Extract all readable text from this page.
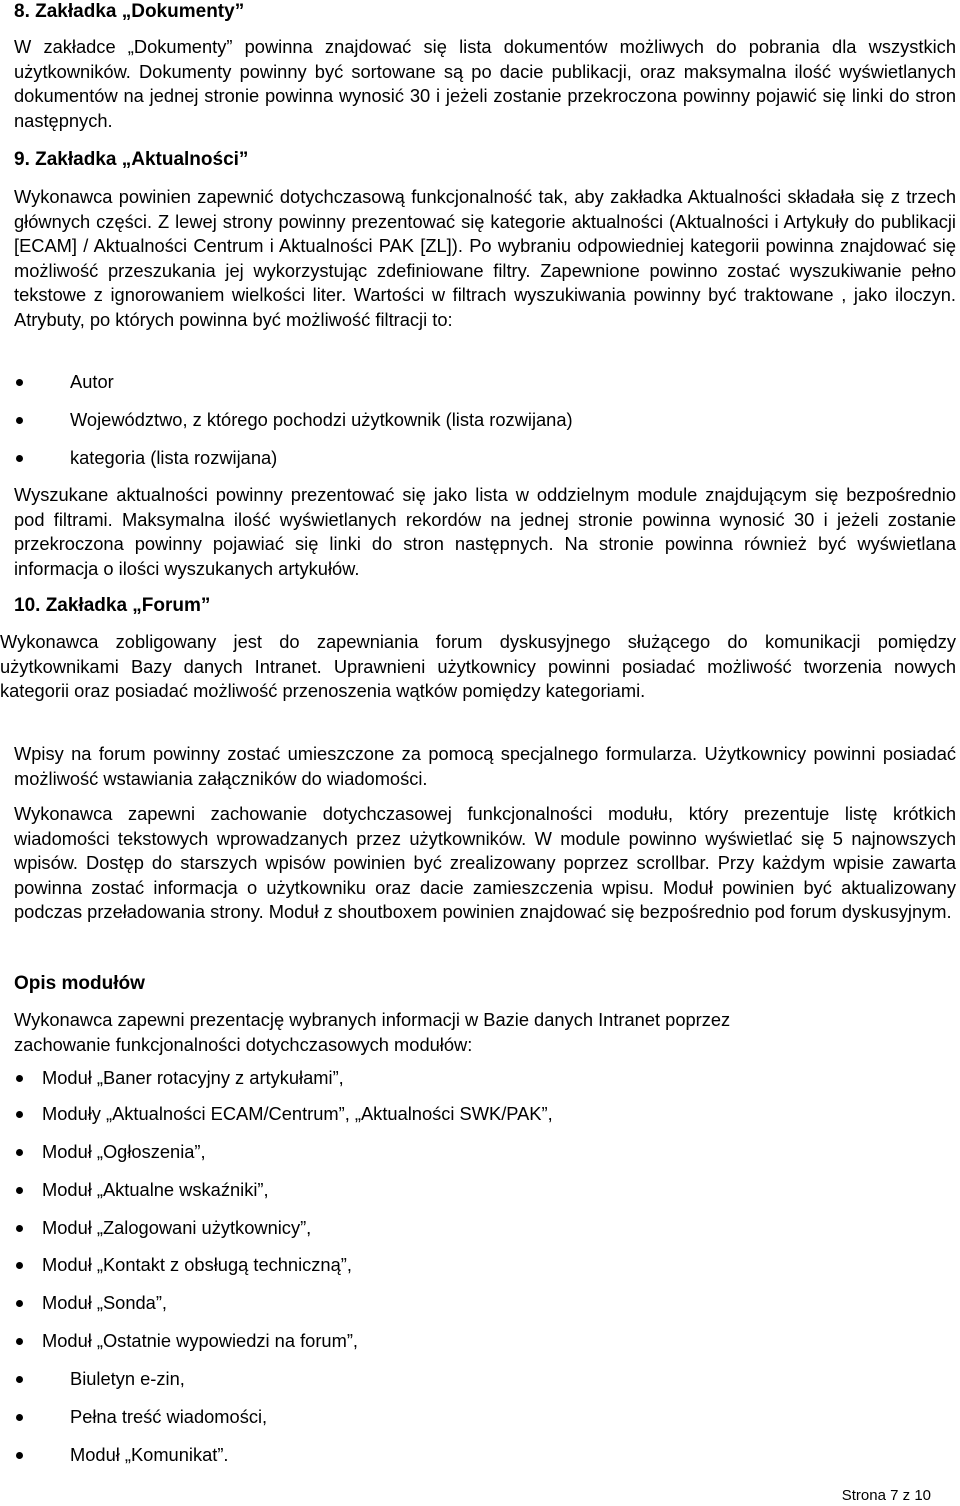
8. Zakładka „Dokumenty”

W zakładce „Dokumenty” powinna znajdować się lista dokumentów możliwych do pobrania dla wszystkich użytkowników. Dokumenty powinny być sortowane są po dacie publikacji, oraz maksymalna ilość wyświetlanych dokumentów na jednej stronie powinna wynosić 30 i jeżeli zostanie przekroczona powinny pojawić się linki do stron następnych.

9. Zakładka „Aktualności”

Wykonawca powinien zapewnić dotychczasową funkcjonalność tak, aby zakładka Aktualności składała się z trzech głównych części. Z lewej strony powinny prezentować się kategorie aktualności (Aktualności i Artykuły do publikacji [ECAM] / Aktualności Centrum i Aktualności PAK [ZL]). Po wybraniu odpowiedniej kategorii powinna znajdować się możliwość przeszukania jej wykorzystując zdefiniowane filtry. Zapewnione powinno zostać wyszukiwanie pełno tekstowe z ignorowaniem wielkości liter. Wartości w filtrach wyszukiwania powinny być traktowane , jako iloczyn. Atrybuty, po których powinna być możliwość filtracji to:

Autor
Województwo, z którego pochodzi użytkownik (lista rozwijana)
kategoria (lista rozwijana)

Wyszukane aktualności powinny prezentować się jako lista w oddzielnym module znajdującym się bezpośrednio pod filtrami. Maksymalna ilość wyświetlanych rekordów na jednej stronie powinna wynosić 30 i jeżeli zostanie przekroczona powinny pojawiać się linki do stron następnych. Na stronie powinna również być wyświetlana informacja o ilości wyszukanych artykułów.

10. Zakładka „Forum”

Wykonawca zobligowany jest do zapewniania forum dyskusyjnego służącego do komunikacji pomiędzy użytkownikami Bazy danych Intranet. Uprawnieni użytkownicy powinni posiadać możliwość tworzenia nowych kategorii oraz posiadać możliwość przenoszenia wątków pomiędzy kategoriami.

Wpisy na forum powinny zostać umieszczone za pomocą specjalnego formularza. Użytkownicy powinni posiadać możliwość wstawiania załączników do wiadomości.

Wykonawca zapewni zachowanie dotychczasowej funkcjonalności modułu, który prezentuje listę krótkich wiadomości tekstowych wprowadzanych przez użytkowników. W module powinno wyświetlać się 5 najnowszych wpisów. Dostęp do starszych wpisów powinien być zrealizowany poprzez scrollbar. Przy każdym wpisie zawarta powinna zostać informacja o użytkowniku oraz dacie zamieszczenia wpisu. Moduł powinien być aktualizowany podczas przeładowania strony. Moduł z shoutboxem powinien znajdować się bezpośrednio pod forum dyskusyjnym.

Opis modułów

Wykonawca zapewni prezentację wybranych informacji w Bazie danych Intranet poprzez

zachowanie funkcjonalności dotychczasowych modułów:

Moduł „Baner rotacyjny z artykułami”,
Moduły „Aktualności ECAM/Centrum”, „Aktualności SWK/PAK”,
Moduł „Ogłoszenia”,
Moduł „Aktualne wskaźniki”,
Moduł „Zalogowani użytkownicy”,
Moduł „Kontakt z obsługą techniczną”,
Moduł „Sonda”,
Moduł „Ostatnie wypowiedzi na forum”,
Biuletyn e-zin,
Pełna treść wiadomości,
Moduł „Komunikat”.
Strona 7 z 10
